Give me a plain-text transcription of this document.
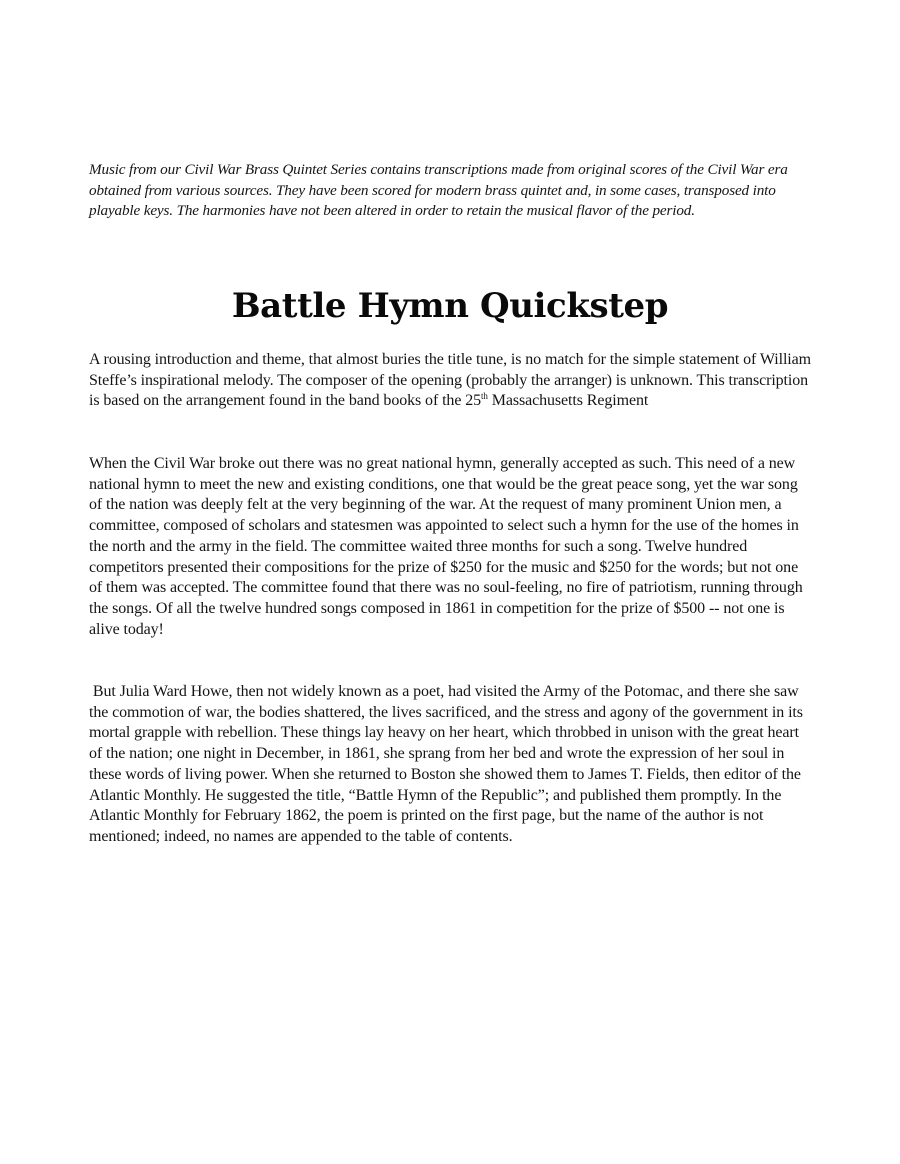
Music from our Civil War Brass Quintet Series contains transcriptions made from original scores of the Civil War era obtained from various sources. They have been scored for modern brass quintet and, in some cases, transposed into playable keys. The harmonies have not been altered in order to retain the musical flavor of the period.

Battle Hymn Quickstep

A rousing introduction and theme, that almost buries the title tune, is no match for the simple statement of William Steffe’s inspirational melody. The composer of the opening (probably the arranger) is unknown. This transcription is based on the arrangement found in the band books of the 25th Massachusetts Regiment

When the Civil War broke out there was no great national hymn, generally accepted as such. This need of a new national hymn to meet the new and existing conditions, one that would be the great peace song, yet the war song of the nation was deeply felt at the very beginning of the war. At the request of many prominent Union men, a committee, composed of scholars and statesmen was appointed to select such a hymn for the use of the homes in the north and the army in the field. The committee waited three months for such a song. Twelve hundred competitors presented their compositions for the prize of $250 for the music and $250 for the words; but not one of them was accepted. The committee found that there was no soul-feeling, no fire of patriotism, running through the songs. Of all the twelve hundred songs composed in 1861 in competition for the prize of $500 -- not one is alive today!

But Julia Ward Howe, then not widely known as a poet, had visited the Army of the Potomac, and there she saw the commotion of war, the bodies shattered, the lives sacrificed, and the stress and agony of the government in its mortal grapple with rebellion. These things lay heavy on her heart, which throbbed in unison with the great heart of the nation; one night in December, in 1861, she sprang from her bed and wrote the expression of her soul in these words of living power. When she returned to Boston she showed them to James T. Fields, then editor of the Atlantic Monthly. He suggested the title, “Battle Hymn of the Republic”; and published them promptly. In the Atlantic Monthly for February 1862, the poem is printed on the first page, but the name of the author is not mentioned; indeed, no names are appended to the table of contents.
